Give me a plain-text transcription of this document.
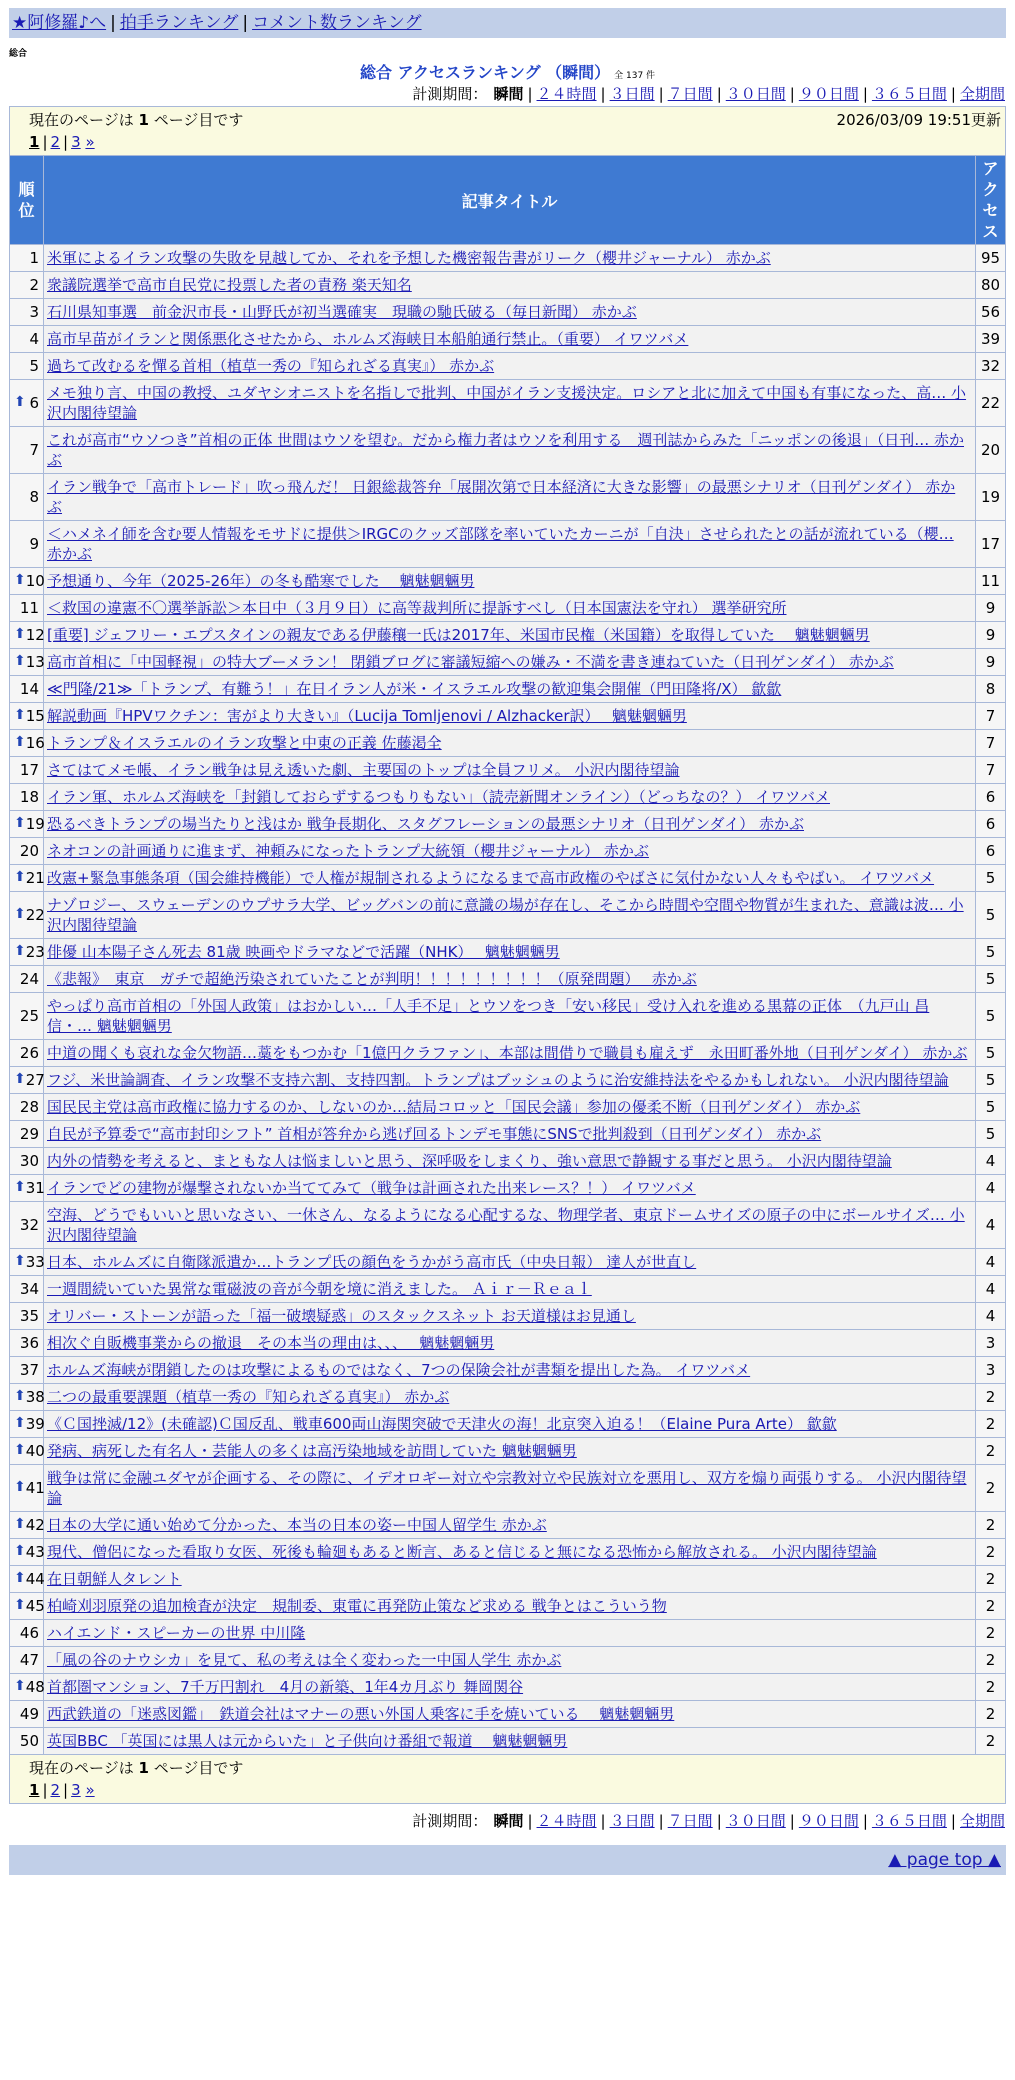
★阿修羅♪へ | 拍手ランキング | コメント数ランキング
総合
総合 アクセスランキング （瞬間） 全 137 件
計測期間： 瞬間 | ２４時間 | ３日間 | ７日間 | ３０日間 | ９０日間 | ３６５日間 | 全期間
現在のページは 1 ページ目です 2026/03/09 19:51更新
1 | 2 | 3 »		

順位	記事タイトル	アクセス
1	米軍によるイラン攻撃の失敗を見越してか、それを予想した機密報告書がリーク（櫻井ジャーナル） 赤かぶ	95
2	衆議院選挙で高市自民党に投票した者の責務 楽天知名	80
3	石川県知事選　前金沢市長・山野氏が初当選確実　現職の馳氏破る（毎日新聞） 赤かぶ	56
4	高市早苗がイランと関係悪化させたから、ホルムズ海峡日本船舶通行禁止。（重要） イワツバメ	39
5	過ちて改むるを憚る首相（植草一秀の『知られざる真実』） 赤かぶ	32

⬆ 6	メモ独り言、中国の教授、ユダヤシオニストを名指しで批判、中国がイラン支援決定。ロシアと北に加えて中国も有事になった、高… 小沢内閣待望論	22
7	これが高市“ウソつき”首相の正体 世間はウソを望む。だから権力者はウソを利用する　週刊誌からみた「ニッポンの後退」（日刊… 赤かぶ	20
8	イラン戦争で「高市トレード」吹っ飛んだ！ 日銀総裁答弁「展開次第で日本経済に大きな影響」の最悪シナリオ（日刊ゲンダイ） 赤かぶ	19
9	＜ハメネイ師を含む要人情報をモサドに提供＞IRGCのクッズ部隊を率いていたカーニが「自決」させられたとの話が流れている（櫻… 赤かぶ	17

⬆ 10	予想通り、今年（2025-26年）の冬も酷寒でした　 魑魅魍魎男	11
11	＜救国の違憲不〇選挙訴訟＞本日中（３月９日）に高等裁判所に提訴すべし（日本国憲法を守れ） 選挙研究所	9

⬆ 12	[重要] ジェフリー・エプスタインの親友である伊藤穰一氏は2017年、米国市民権（米国籍）を取得していた　 魑魅魍魎男	9

⬆ 13	高市首相に「中国軽視」の特大ブーメラン！ 閉鎖ブログに審議短縮への嫌み・不満を書き連ねていた（日刊ゲンダイ） 赤かぶ	9
14	≪門隆/21≫「トランプ、有難う！」在日イラン人が米・イスラエル攻撃の歓迎集会開催（門田隆将/X） 歙歙	8

⬆ 15	解説動画『HPVワクチン：害がより大きい』（Lucija Tomljenovi / Alzhacker訳）　 魑魅魍魎男	7

⬆ 16	トランプ＆イスラエルのイラン攻撃と中東の正義 佐藤渇全	7
17	さてはてメモ帳、イラン戦争は見え透いた劇、主要国のトップは全員フリメ。 小沢内閣待望論	7
18	イラン軍、ホルムズ海峡を「封鎖しておらずするつもりもない」（読売新聞オンライン）（どっちなの？） イワツバメ	6

⬆ 19	恐るべきトランプの場当たりと浅はか 戦争長期化、スタグフレーションの最悪シナリオ（日刊ゲンダイ） 赤かぶ	6
20	ネオコンの計画通りに進まず、神頼みになったトランプ大統領（櫻井ジャーナル） 赤かぶ	6

⬆ 21	改憲+緊急事態条項（国会維持機能）で人権が規制されるようになるまで高市政権のやばさに気付かない人々もやばい。 イワツバメ	5

⬆ 22	ナゾロジー、スウェーデンのウプサラ大学、ビッグバンの前に意識の場が存在し、そこから時間や空間や物質が生まれた、意識は波… 小沢内閣待望論	5

⬆ 23	俳優 山本陽子さん死去 81歳 映画やドラマなどで活躍（NHK）　 魑魅魍魎男	5
24	《悲報》　東京　ガチで超絶汚染されていたことが判明！！！！！！！！！（原発問題）　 赤かぶ	5
25	やっぱり高市首相の「外国人政策」はおかしい…「人手不足」とウソをつき「安い移民」受け入れを進める黒幕の正体　（九戸山 昌信・… 魑魅魍魎男	5
26	中道の聞くも哀れな金欠物語…藁をもつかむ「1億円クラファン」、本部は間借りで職員も雇えず　永田町番外地（日刊ゲンダイ） 赤かぶ	5

⬆ 27	フジ、米世論調査、イラン攻撃不支持六割、支持四割。トランプはブッシュのように治安維持法をやるかもしれない。 小沢内閣待望論	5
28	国民民主党は高市政権に協力するのか、しないのか…結局コロッと「国民会議」参加の優柔不断（日刊ゲンダイ） 赤かぶ	5
29	自民が予算委で“高市封印シフト” 首相が答弁から逃げ回るトンデモ事態にSNSで批判殺到（日刊ゲンダイ） 赤かぶ	5
30	内外の情勢を考えると、まともな人は悩ましいと思う、深呼吸をしまくり、強い意思で静観する事だと思う。 小沢内閣待望論	4

⬆ 31	イランでどの建物が爆撃されないか当ててみて（戦争は計画された出来レース？！） イワツバメ	4
32	空海、どうでもいいと思いなさい、一休さん、なるようになる心配するな、物理学者、東京ドームサイズの原子の中にボールサイズ… 小沢内閣待望論	4

⬆ 33	日本、ホルムズに自衛隊派遣か…トランプ氏の顔色をうかがう高市氏（中央日報） 達人が世直し	4
34	一週間続いていた異常な電磁波の音が今朝を境に消えました。 Ａｉｒ－Ｒｅａｌ	4
35	オリバー・ストーンが語った「福一破壊疑惑」のスタックスネット お天道様はお見通し	4
36	相次ぐ自販機事業からの撤退　その本当の理由は、、、　 魑魅魍魎男	3
37	ホルムズ海峡が閉鎖したのは攻撃によるものではなく、7つの保険会社が書類を提出した為。 イワツバメ	3

⬆ 38	二つの最重要課題（植草一秀の『知られざる真実』） 赤かぶ	2

⬆ 39	《Ｃ国挫滅/12》(未確認)Ｃ国反乱、戦車600両山海関突破で天津火の海！北京突入迫る！（Elaine Pura Arte） 歙歙	2

⬆ 40	発病、病死した有名人・芸能人の多くは高汚染地域を訪問していた 魑魅魍魎男	2

⬆ 41	戦争は常に金融ユダヤが企画する、その際に、イデオロギー対立や宗教対立や民族対立を悪用し、双方を煽り両張りする。 小沢内閣待望論	2

⬆ 42	日本の大学に通い始めて分かった、本当の日本の姿ー中国人留学生 赤かぶ	2

⬆ 43	現代、僧侶になった看取り女医、死後も輪廻もあると断言、あると信じると無になる恐怖から解放される。 小沢内閣待望論	2

⬆ 44	在日朝鮮人タレント	2

⬆ 45	柏崎刈羽原発の追加検査が決定　規制委、東電に再発防止策など求める 戦争とはこういう物	2
46	ハイエンド・スピーカーの世界 中川隆	2
47	「風の谷のナウシカ」を見て、私の考えは全く変わった一中国人学生 赤かぶ	2

⬆ 48	首都圏マンション、7千万円割れ　4月の新築、1年4カ月ぶり 舞岡関谷	2
49	西武鉄道の「迷惑図鑑」　鉄道会社はマナーの悪い外国人乗客に手を焼いている　 魑魅魍魎男	2
50	英国BBC 「英国には黒人は元からいた」と子供向け番組で報道　 魑魅魍魎男	2

現在のページは 1 ページ目です
1 | 2 | 3 »		
計測期間： 瞬間 | ２４時間 | ３日間 | ７日間 | ３０日間 | ９０日間 | ３６５日間 | 全期間
▲ page top ▲
